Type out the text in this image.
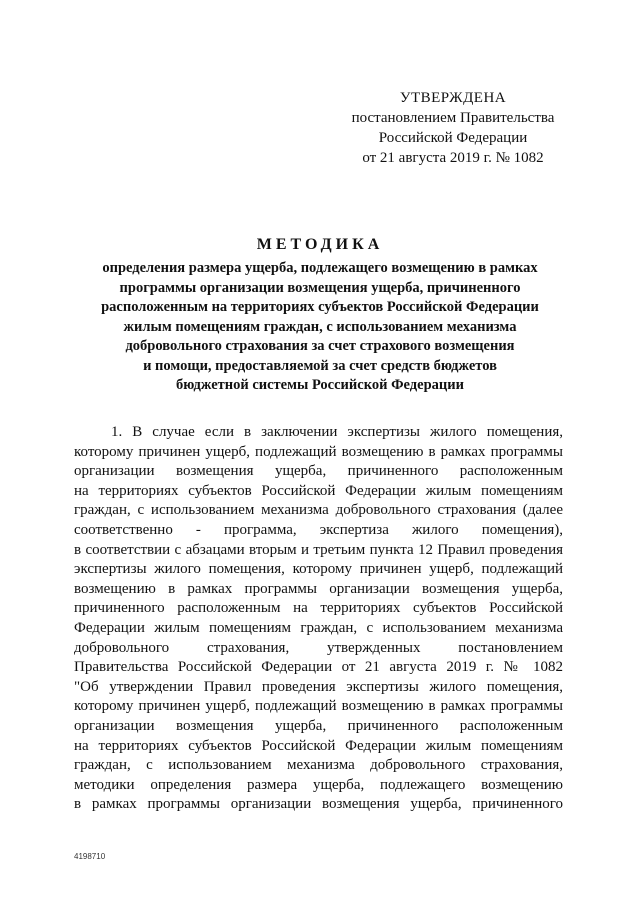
УТВЕРЖДЕНА
постановлением Правительства
Российской Федерации
от 21 августа 2019 г. № 1082
МЕТОДИКА
определения размера ущерба, подлежащего возмещению в рамках
программы организации возмещения ущерба, причиненного
расположенным на территориях субъектов Российской Федерации
жилым помещениям граждан, с использованием механизма
добровольного страхования за счет страхового возмещения
и помощи, предоставляемой за счет средств бюджетов
бюджетной системы Российской Федерации
1. В случае если в заключении экспертизы жилого помещения,
которому причинен ущерб, подлежащий возмещению в рамках программы
организации возмещения ущерба, причиненного расположенным
на территориях субъектов Российской Федерации жилым помещениям
граждан, с использованием механизма добровольного страхования (далее
соответственно - программа, экспертиза жилого помещения),
в соответствии с абзацами вторым и третьим пункта 12 Правил проведения
экспертизы жилого помещения, которому причинен ущерб, подлежащий
возмещению в рамках программы организации возмещения ущерба,
причиненного расположенным на территориях субъектов Российской
Федерации жилым помещениям граждан, с использованием механизма
добровольного страхования, утвержденных постановлением
Правительства Российской Федерации от 21 августа 2019 г. № 1082
"Об утверждении Правил проведения экспертизы жилого помещения,
которому причинен ущерб, подлежащий возмещению в рамках программы
организации возмещения ущерба, причиненного расположенным
на территориях субъектов Российской Федерации жилым помещениям
граждан, с использованием механизма добровольного страхования,
методики определения размера ущерба, подлежащего возмещению
в рамках программы организации возмещения ущерба, причиненного
4198710
